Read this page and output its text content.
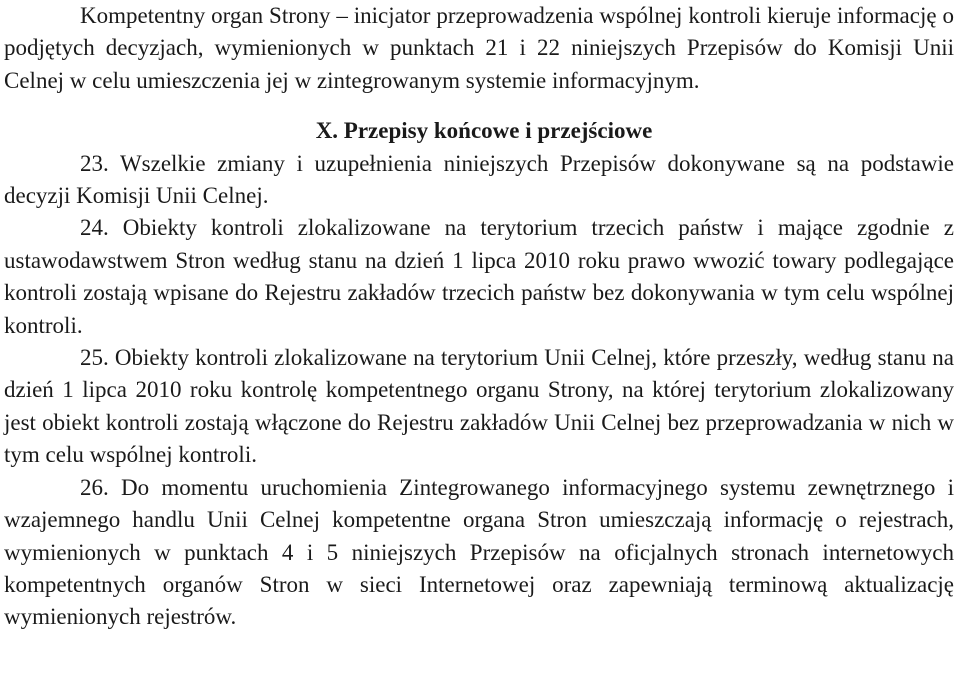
Kompetentny organ Strony – inicjator przeprowadzenia wspólnej kontroli kieruje informację o podjętych decyzjach, wymienionych w punktach 21 i 22 niniejszych Przepisów do Komisji Unii Celnej w celu umieszczenia jej w zintegrowanym systemie informacyjnym.

X. Przepisy końcowe i przejściowe

23. Wszelkie zmiany i uzupełnienia niniejszych Przepisów dokonywane są na podstawie decyzji Komisji Unii Celnej.

24. Obiekty kontroli zlokalizowane na terytorium trzecich państw i mające zgodnie z ustawodawstwem Stron według stanu na dzień 1 lipca 2010 roku prawo wwozić towary podlegające kontroli zostają wpisane do Rejestru zakładów trzecich państw bez dokonywania w tym celu wspólnej kontroli.

25. Obiekty kontroli zlokalizowane na terytorium Unii Celnej, które przeszły, według stanu na dzień 1 lipca 2010 roku kontrolę kompetentnego organu Strony, na której terytorium zlokalizowany jest obiekt kontroli zostają włączone do Rejestru zakładów Unii Celnej bez przeprowadzania w nich w tym celu wspólnej kontroli.

26. Do momentu uruchomienia Zintegrowanego informacyjnego systemu zewnętrznego i wzajemnego handlu Unii Celnej kompetentne organa Stron umieszczają informację o rejestrach, wymienionych w punktach 4 i 5 niniejszych Przepisów na oficjalnych stronach internetowych kompetentnych organów Stron w sieci Internetowej oraz zapewniają terminową aktualizację wymienionych rejestrów.
